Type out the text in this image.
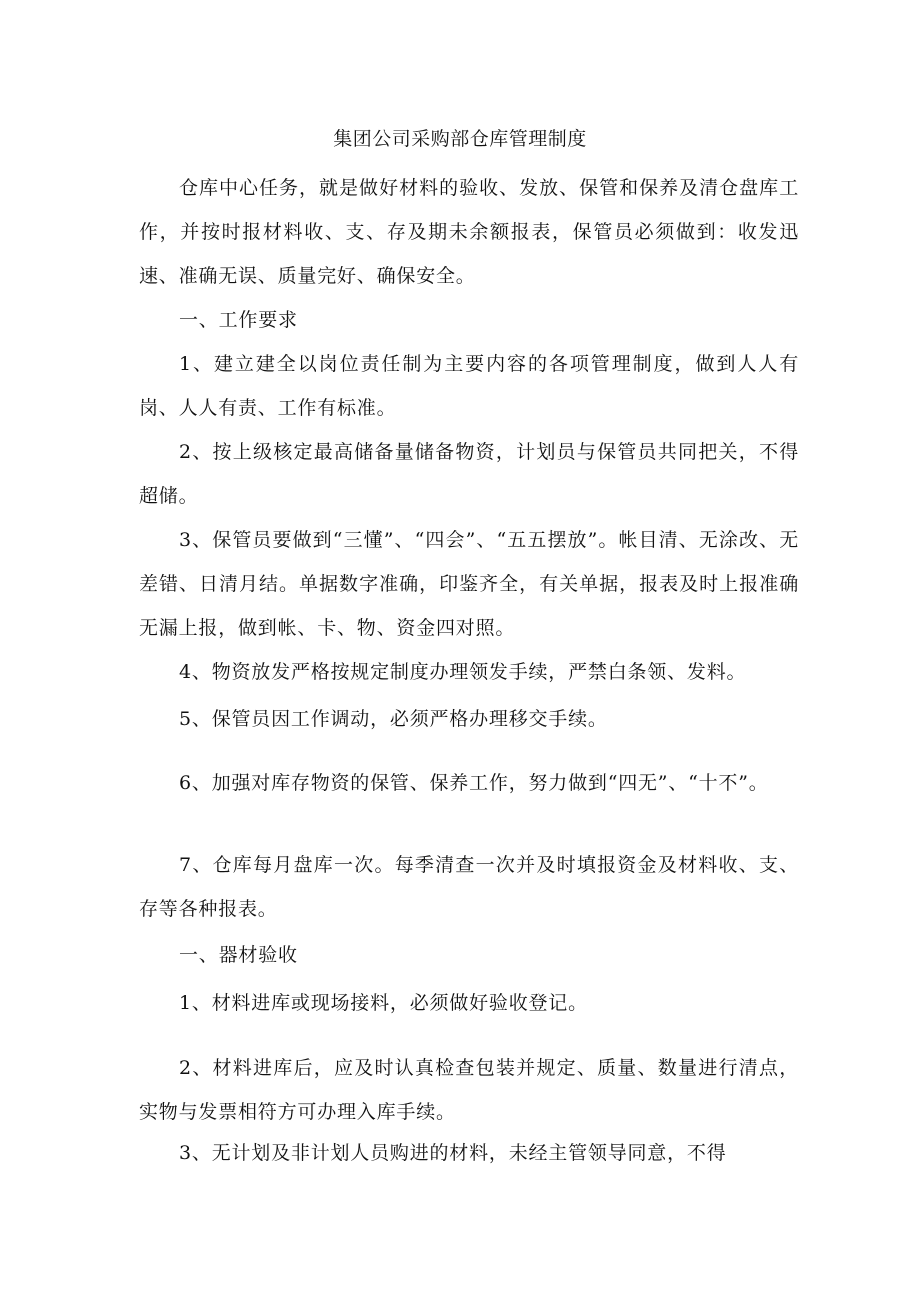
集团公司采购部仓库管理制度

仓库中心任务，就是做好材料的验收、发放、保管和保养及清仓盘库工作，并按时报材料收、支、存及期未余额报表，保管员必须做到：收发迅速、准确无误、质量完好、确保安全。

一、工作要求

1、建立建全以岗位责任制为主要内容的各项管理制度，做到人人有岗、人人有责、工作有标准。

2、按上级核定最高储备量储备物资，计划员与保管员共同把关，不得超储。

3、保管员要做到“三懂”、“四会”、“五五摆放”。帐目清、无涂改、无差错、日清月结。单据数字准确，印鉴齐全，有关单据，报表及时上报准确无漏上报，做到帐、卡、物、资金四对照。

4、物资放发严格按规定制度办理领发手续，严禁白条领、发料。

5、保管员因工作调动，必须严格办理移交手续。

6、加强对库存物资的保管、保养工作，努力做到“四无”、“十不”。

7、仓库每月盘库一次。每季清查一次并及时填报资金及材料收、支、存等各种报表。

一、器材验收

1、材料进库或现场接料，必须做好验收登记。

2、材料进库后，应及时认真检查包装并规定、质量、数量进行清点，实物与发票相符方可办理入库手续。

3、无计划及非计划人员购进的材料，未经主管领导同意，不得
